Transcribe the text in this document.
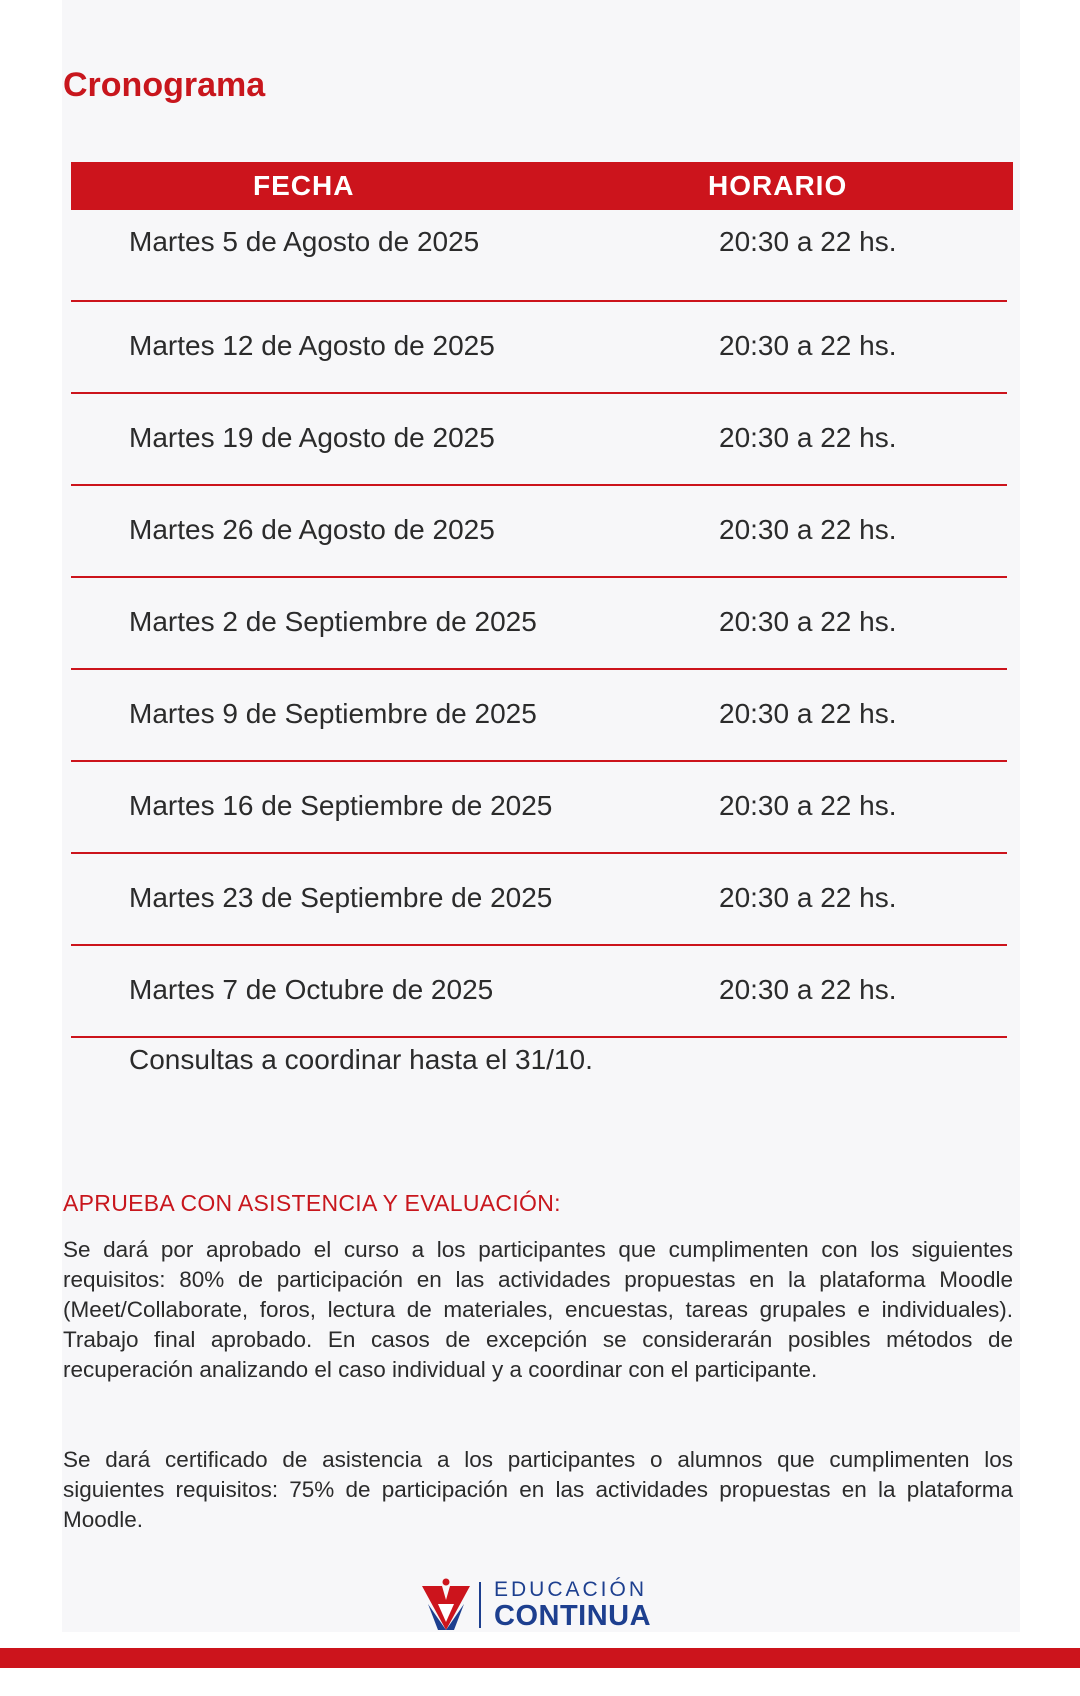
Cronograma
FECHA	HORARIO
Martes 5 de Agosto de 2025	20:30 a 22 hs.
Martes 12 de Agosto de 2025	20:30 a 22 hs.
Martes 19 de Agosto de 2025	20:30 a 22 hs.
Martes 26 de Agosto de 2025	20:30 a 22 hs.
Martes 2 de Septiembre de 2025	20:30 a 22 hs.
Martes 9 de Septiembre de 2025	20:30 a 22 hs.
Martes 16 de Septiembre de 2025	20:30 a 22 hs.
Martes 23 de Septiembre de 2025	20:30 a 22 hs.
Martes 7 de Octubre de 2025	20:30 a 22 hs.
Consultas a coordinar hasta el 31/10.
APRUEBA CON ASISTENCIA Y EVALUACIÓN:

Se dará por aprobado el curso a los participantes que cumplimenten con los siguientes requisitos: 80% de participación en las actividades propuestas en la plataforma Moodle (Meet/Collaborate, foros, lectura de materiales, encuestas, tareas grupales e individuales). Trabajo final aprobado. En casos de excepción se considerarán posibles métodos de recuperación analizando el caso individual y a coordinar con el participante.

Se dará certificado de asistencia a los participantes o alumnos que cumplimenten los siguientes requisitos: 75% de participación en las actividades propuestas en la plataforma Moodle.

EDUCACIÓN
CONTINUA
